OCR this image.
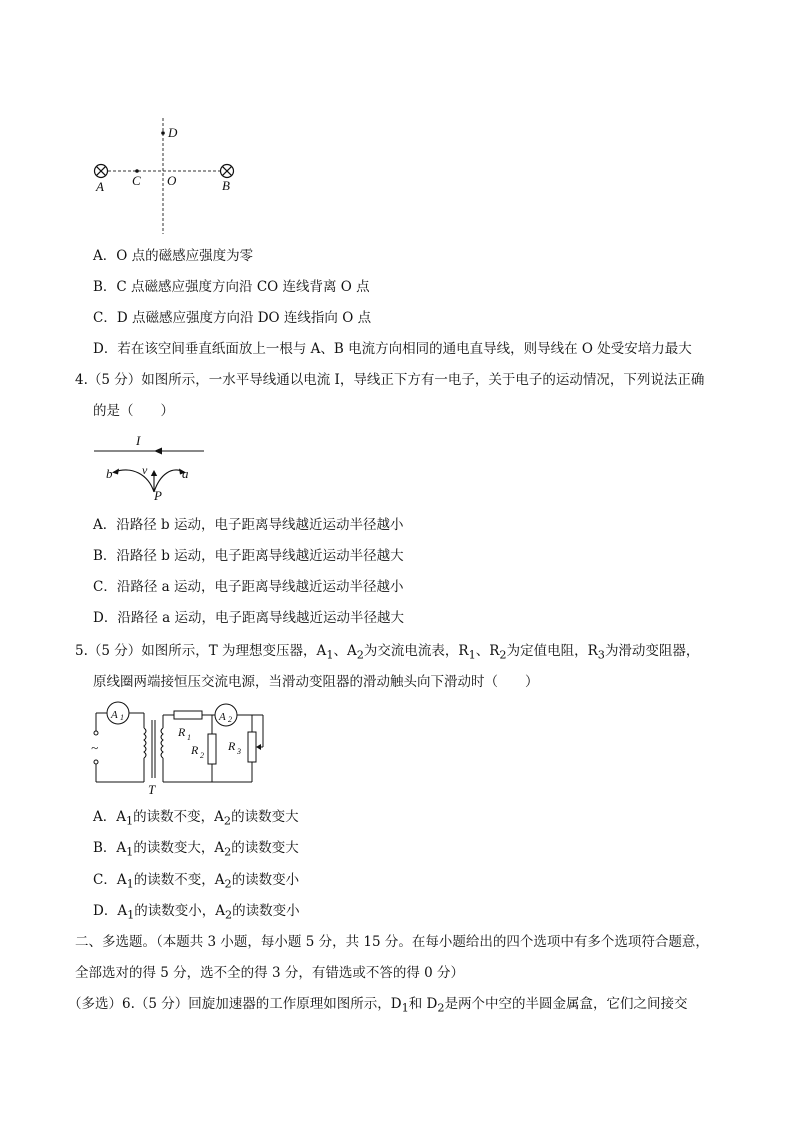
A C O	B
D
A．O 点的磁感应强度为零
B．C 点磁感应强度方向沿 CO 连线背离 O 点
C．D 点磁感应强度方向沿 DO 连线指向 O 点
D．若在该空间垂直纸面放上一根与 A、B 电流方向相同的通电直导线，则导线在 O 处受安培力最大
4.（5 分）如图所示，一水平导线通以电流 I，导线正下方有一电子，关于电子的运动情况，下列说法正确
的是（　　）
I
b v	a
P
A．沿路径 b 运动，电子距离导线越近运动半径越小
B．沿路径 b 运动，电子距离导线越近运动半径越大
C．沿路径 a 运动，电子距离导线越近运动半径越小
D．沿路径 a 运动，电子距离导线越近运动半径越大
5.（5 分）如图所示，T 为理想变压器，$A_1$、$A_2$为交流电流表，$R_1$、$R_2$为定值电阻，$R_3$为滑动变阻器，
原线圈两端接恒压交流电源，当滑动变阻器的滑动触头向下滑动时（　　）
~
A 1
T
R 1
R 2
A 2
R 3
A．$A_1$的读数不变，$A_2$的读数变大
B．$A_1$的读数变大，$A_2$的读数变大
C．$A_1$的读数不变，$A_2$的读数变小
D．$A_1$的读数变小，$A_2$的读数变小
二、多选题。（本题共 3 小题，每小题 5 分，共 15 分。在每小题给出的四个选项中有多个选项符合题意，
全部选对的得 5 分，选不全的得 3 分，有错选或不答的得 0 分）
（多选）6.（5 分）回旋加速器的工作原理如图所示，$D_1$和 $D_2$是两个中空的半圆金属盒，它们之间接交
